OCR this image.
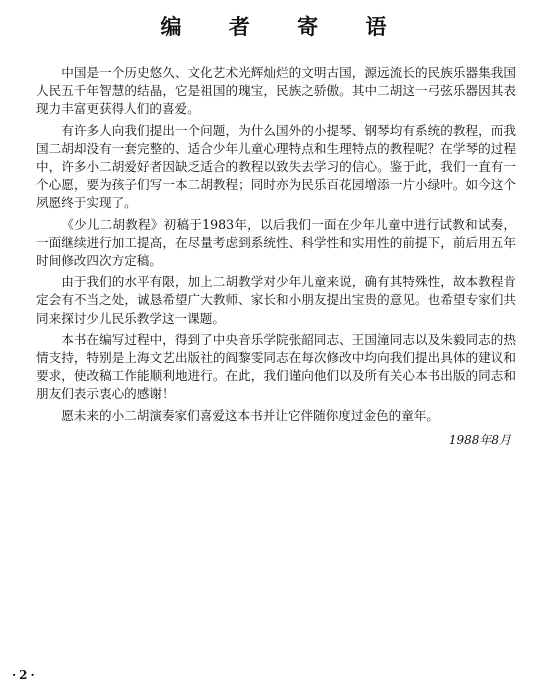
编 者 寄 语

中国是一个历史悠久、文化艺术光辉灿烂的文明古国，源远流长的民族乐器集我国人民五千年智慧的结晶，它是祖国的瑰宝，民族之骄傲。其中二胡这一弓弦乐器因其表现力丰富更获得人们的喜爱。

有许多人向我们提出一个问题，为什么国外的小提琴、钢琴均有系统的教程，而我国二胡却没有一套完整的、适合少年儿童心理特点和生理特点的教程呢？在学琴的过程中，许多小二胡爱好者因缺乏适合的教程以致失去学习的信心。鉴于此，我们一直有一个心愿，要为孩子们写一本二胡教程；同时亦为民乐百花园增添一片小绿叶。如今这个夙愿终于实现了。

《少儿二胡教程》初稿于1983年，以后我们一面在少年儿童中进行试教和试奏，一面继续进行加工提高，在尽量考虑到系统性、科学性和实用性的前提下，前后用五年时间修改四次方定稿。

由于我们的水平有限，加上二胡教学对少年儿童来说，确有其特殊性，故本教程肯定会有不当之处，诚恳希望广大教师、家长和小朋友提出宝贵的意见。也希望专家们共同来探讨少儿民乐教学这一课题。

本书在编写过程中，得到了中央音乐学院张韶同志、王国潼同志以及朱毅同志的热情支持，特别是上海文艺出版社的阎黎雯同志在每次修改中均向我们提出具体的建议和要求，使改稿工作能顺利地进行。在此，我们谨向他们以及所有关心本书出版的同志和朋友们表示衷心的感谢！

愿未来的小二胡演奏家们喜爱这本书并让它伴随你度过金色的童年。

1988年8月
·2·
